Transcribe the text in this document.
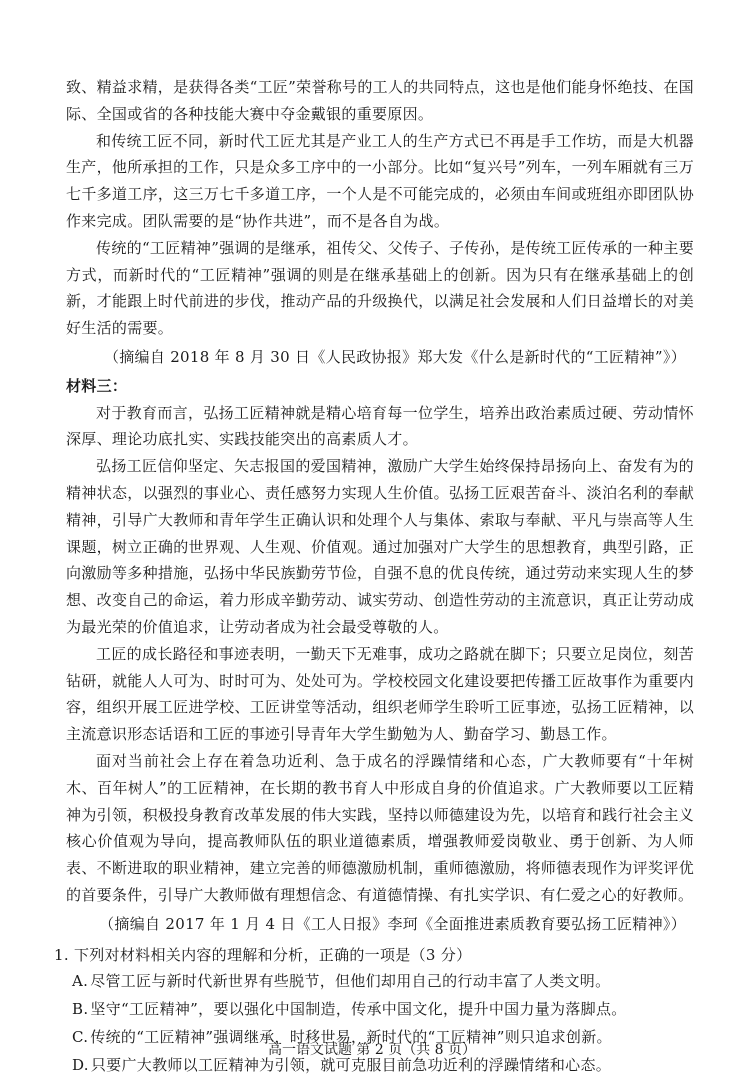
致、精益求精，是获得各类“工匠”荣誉称号的工人的共同特点，这也是他们能身怀绝技、在国际、全国或省的各种技能大赛中夺金戴银的重要原因。

和传统工匠不同，新时代工匠尤其是产业工人的生产方式已不再是手工作坊，而是大机器生产，他所承担的工作，只是众多工序中的一小部分。比如“复兴号”列车，一列车厢就有三万七千多道工序，这三万七千多道工序，一个人是不可能完成的，必须由车间或班组亦即团队协作来完成。团队需要的是“协作共进”，而不是各自为战。

传统的“工匠精神”强调的是继承，祖传父、父传子、子传孙，是传统工匠传承的一种主要方式，而新时代的“工匠精神”强调的则是在继承基础上的创新。因为只有在继承基础上的创新，才能跟上时代前进的步伐，推动产品的升级换代，以满足社会发展和人们日益增长的对美好生活的需要。

（摘编自 2018 年 8 月 30 日《人民政协报》郑大发《什么是新时代的“工匠精神”》）

材料三：

对于教育而言，弘扬工匠精神就是精心培育每一位学生，培养出政治素质过硬、劳动情怀深厚、理论功底扎实、实践技能突出的高素质人才。

弘扬工匠信仰坚定、矢志报国的爱国精神，激励广大学生始终保持昂扬向上、奋发有为的精神状态，以强烈的事业心、责任感努力实现人生价值。弘扬工匠艰苦奋斗、淡泊名利的奉献精神，引导广大教师和青年学生正确认识和处理个人与集体、索取与奉献、平凡与崇高等人生课题，树立正确的世界观、人生观、价值观。通过加强对广大学生的思想教育，典型引路，正向激励等多种措施，弘扬中华民族勤劳节俭，自强不息的优良传统，通过劳动来实现人生的梦想、改变自己的命运，着力形成辛勤劳动、诚实劳动、创造性劳动的主流意识，真正让劳动成为最光荣的价值追求，让劳动者成为社会最受尊敬的人。

工匠的成长路径和事迹表明，一勤天下无难事，成功之路就在脚下；只要立足岗位，刻苦钻研，就能人人可为、时时可为、处处可为。学校校园文化建设要把传播工匠故事作为重要内容，组织开展工匠进学校、工匠讲堂等活动，组织老师学生聆听工匠事迹，弘扬工匠精神，以主流意识形态话语和工匠的事迹引导青年大学生勤勉为人、勤奋学习、勤恳工作。

面对当前社会上存在着急功近利、急于成名的浮躁情绪和心态，广大教师要有“十年树木、百年树人”的工匠精神，在长期的教书育人中形成自身的价值追求。广大教师要以工匠精神为引领，积极投身教育改革发展的伟大实践，坚持以师德建设为先，以培育和践行社会主义核心价值观为导向，提高教师队伍的职业道德素质，增强教师爱岗敬业、勇于创新、为人师表、不断进取的职业精神，建立完善的师德激励机制，重师德激励，将师德表现作为评奖评优的首要条件，引导广大教师做有理想信念、有道德情操、有扎实学识、有仁爱之心的好教师。

（摘编自 2017 年 1 月 4 日《工人日报》李珂《全面推进素质教育要弘扬工匠精神》）

1. 下列对材料相关内容的理解和分析，正确的一项是（3 分）

A. 尽管工匠与新时代新世界有些脱节，但他们却用自己的行动丰富了人类文明。

B. 坚守“工匠精神”，要以强化中国制造，传承中国文化，提升中国力量为落脚点。

C. 传统的“工匠精神”强调继承，时移世易，新时代的“工匠精神”则只追求创新。

D. 只要广大教师以工匠精神为引领，就可克服目前急功近利的浮躁情绪和心态。

高一语文试题 第 2 页（共 8 页）
